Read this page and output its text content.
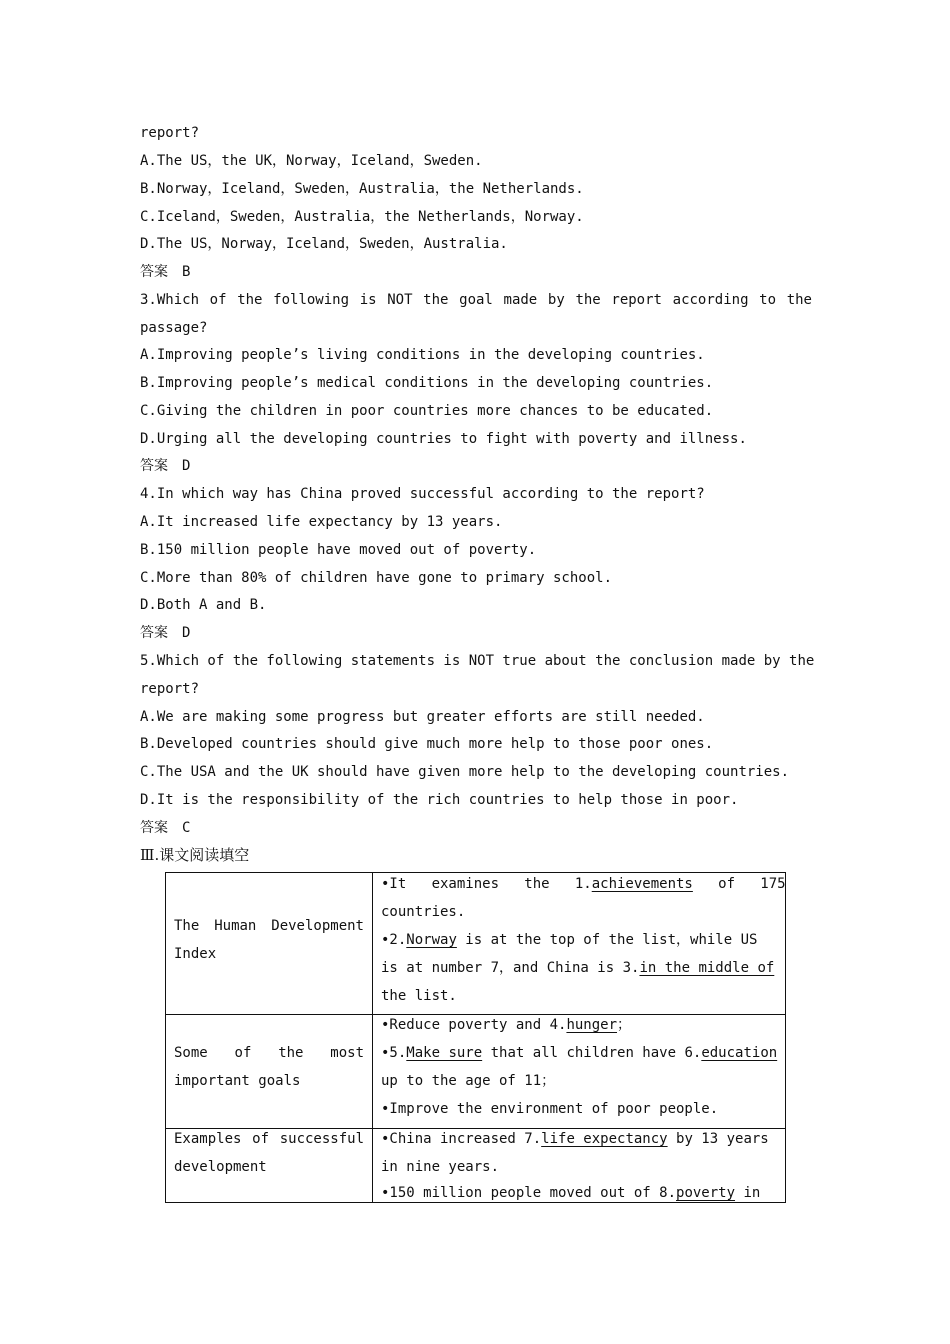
report?
A.The US，the UK，Norway，Iceland，Sweden.
B.Norway，Iceland，Sweden，Australia，the Netherlands.
C.Iceland，Sweden，Australia，the Netherlands，Norway.
D.The US，Norway，Iceland，Sweden，Australia.
答案　B
3.Which of the following is NOT the goal made by the report according to the
passage?
A.Improving people’s living conditions in the developing countries.
B.Improving people’s medical conditions in the developing countries.
C.Giving the children in poor countries more chances to be educated.
D.Urging all the developing countries to fight with poverty and illness.
答案　D
4.In which way has China proved successful according to the report?
A.It increased life expectancy by 13 years.
B.150 million people have moved out of poverty.
C.More than 80% of children have gone to primary school.
D.Both A and B.
答案　D
5.Which of the following statements is NOT true about the conclusion made by the
report?
A.We are making some progress but greater efforts are still needed.
B.Developed countries should give much more help to those poor ones.
C.The USA and the UK should have given more help to the developing countries.
D.It is the responsibility of the rich countries to help those in poor.
答案　C
Ⅲ.课文阅读填空
The Human Development
Index
•It   examines   the   1.achievements   of   175
countries.
•2.Norway is at the top of the list，while US
is at number 7，and China is 3.in the middle of
the list.
Some of the most
important goals
•Reduce poverty and 4.hunger；
•5.Make sure that all children have 6.education
up to the age of 11；
•Improve the environment of poor people.
Examples of successful
development
•China increased 7.life expectancy by 13 years
in nine years.
•150 million people moved out of 8.poverty in
